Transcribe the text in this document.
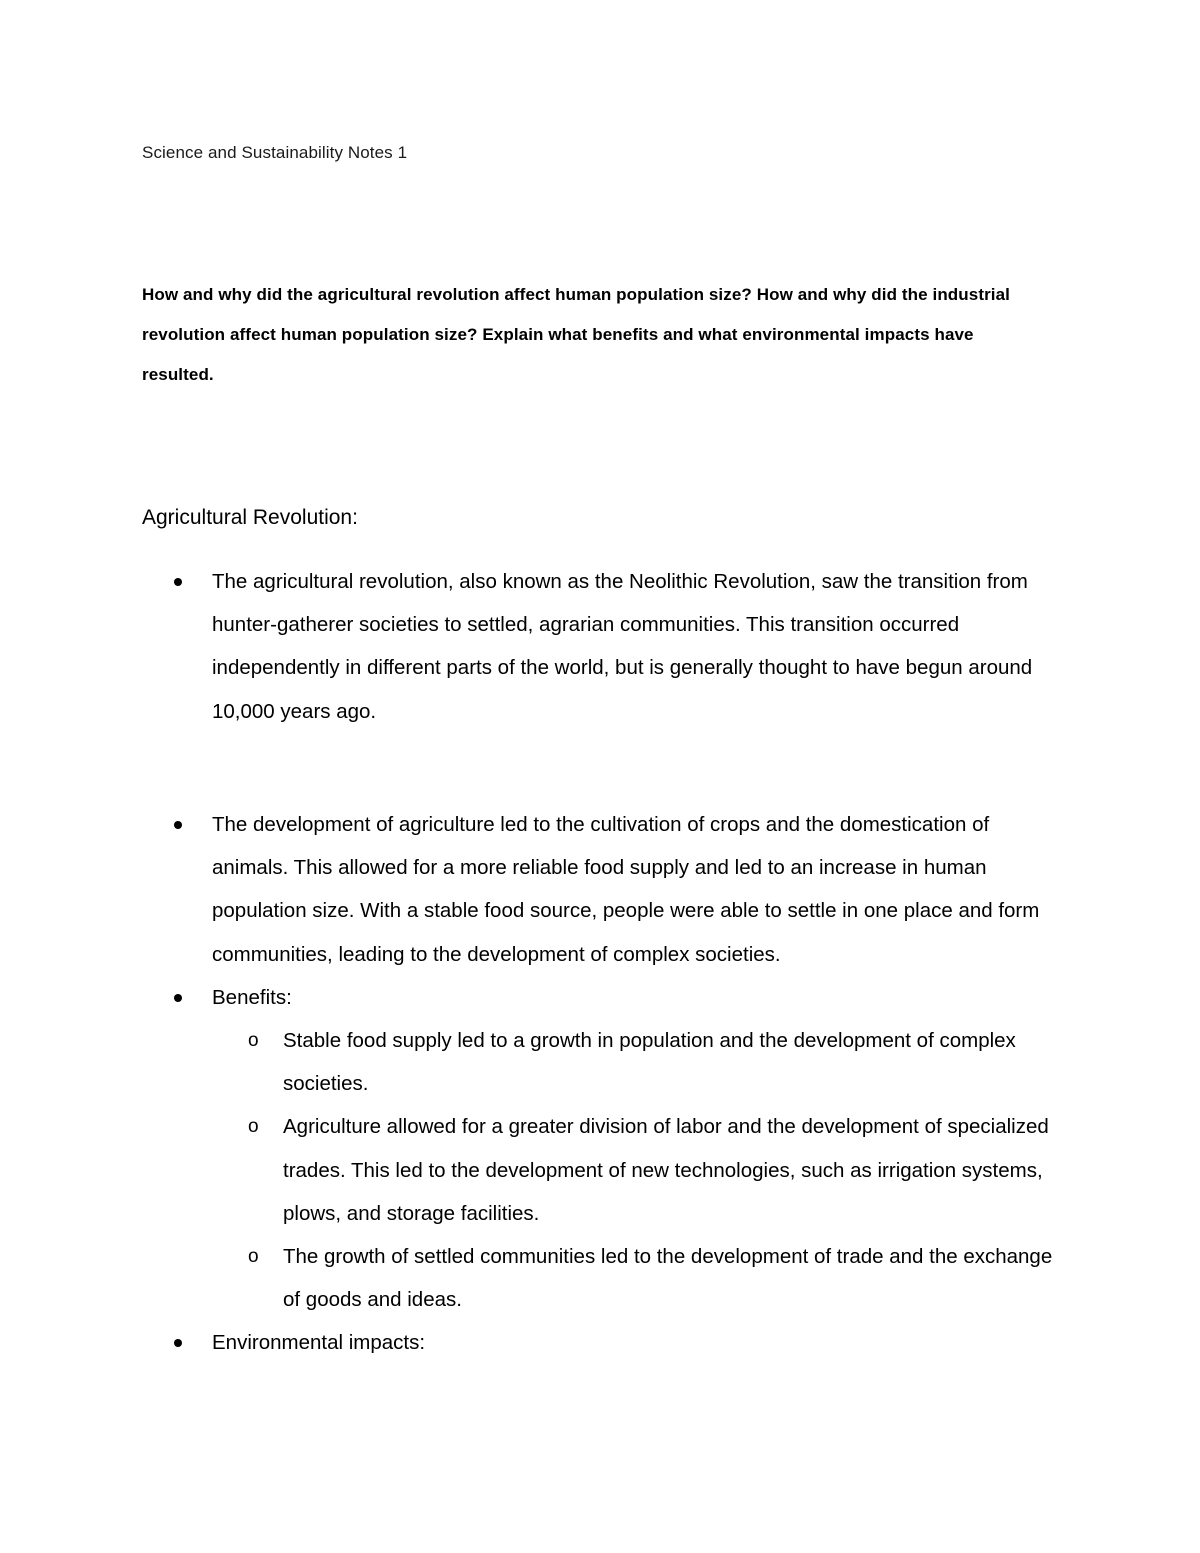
Science and Sustainability Notes 1
How and why did the agricultural revolution affect human population size? How and why did the industrial revolution affect human population size? Explain what benefits and what environmental impacts have resulted.
Agricultural Revolution:
The agricultural revolution, also known as the Neolithic Revolution, saw the transition from hunter-gatherer societies to settled, agrarian communities. This transition occurred independently in different parts of the world, but is generally thought to have begun around 10,000 years ago.
The development of agriculture led to the cultivation of crops and the domestication of animals. This allowed for a more reliable food supply and led to an increase in human population size. With a stable food source, people were able to settle in one place and form communities, leading to the development of complex societies.
Benefits:
o Stable food supply led to a growth in population and the development of complex societies.
o Agriculture allowed for a greater division of labor and the development of specialized trades. This led to the development of new technologies, such as irrigation systems, plows, and storage facilities.
o The growth of settled communities led to the development of trade and the exchange of goods and ideas.
Environmental impacts:
